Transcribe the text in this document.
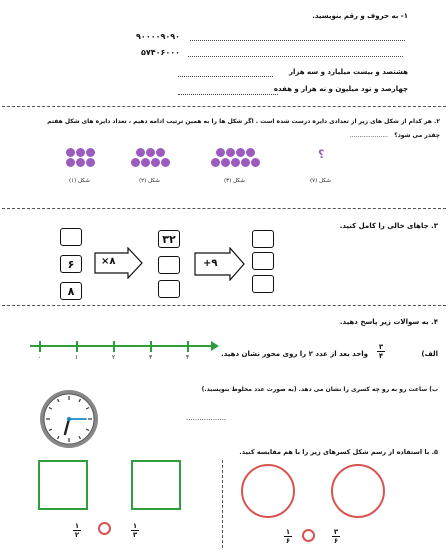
۱- به حروف و رقم بنویسید.
۹۰۰۰۰۹۰۹۰
۵۷۴۰۶۰۰۰
هشتصد و بیست میلیارد و سه هزار
چهارصد و نود میلیون و نه هزار و هفده
۲. هر کدام از شکل های زیر از تعدادی دایره درست شده است . اگر شکل ها را به همین ترتیب ادامه دهیم ، تعداد دایره های شکل هفتم
چقدر می شود؟
....................
شکل (۱)	شکل (۲)	شکل (۳)
؟
شکل (۷)
۳. جاهای خالی را کامل کنید.
۶
۸
×۸
۳۲
+۹
۴. به سوالات زیر پاسخ دهید.
۰	۱	۲	۳	۴	الف)
۳
۴
واحد بعد از عدد ۲ را روی محور نشان دهید.
ب) ساعت رو به رو چه کسری را نشان می دهد. (به صورت عدد مخلوط بنویسید.)
..................
۵. با استفاده از رسم شکل کسرهای زیر را با هم مقایسه کنید.
۱
۲
۱
۳	۱
۶
۳
۶
